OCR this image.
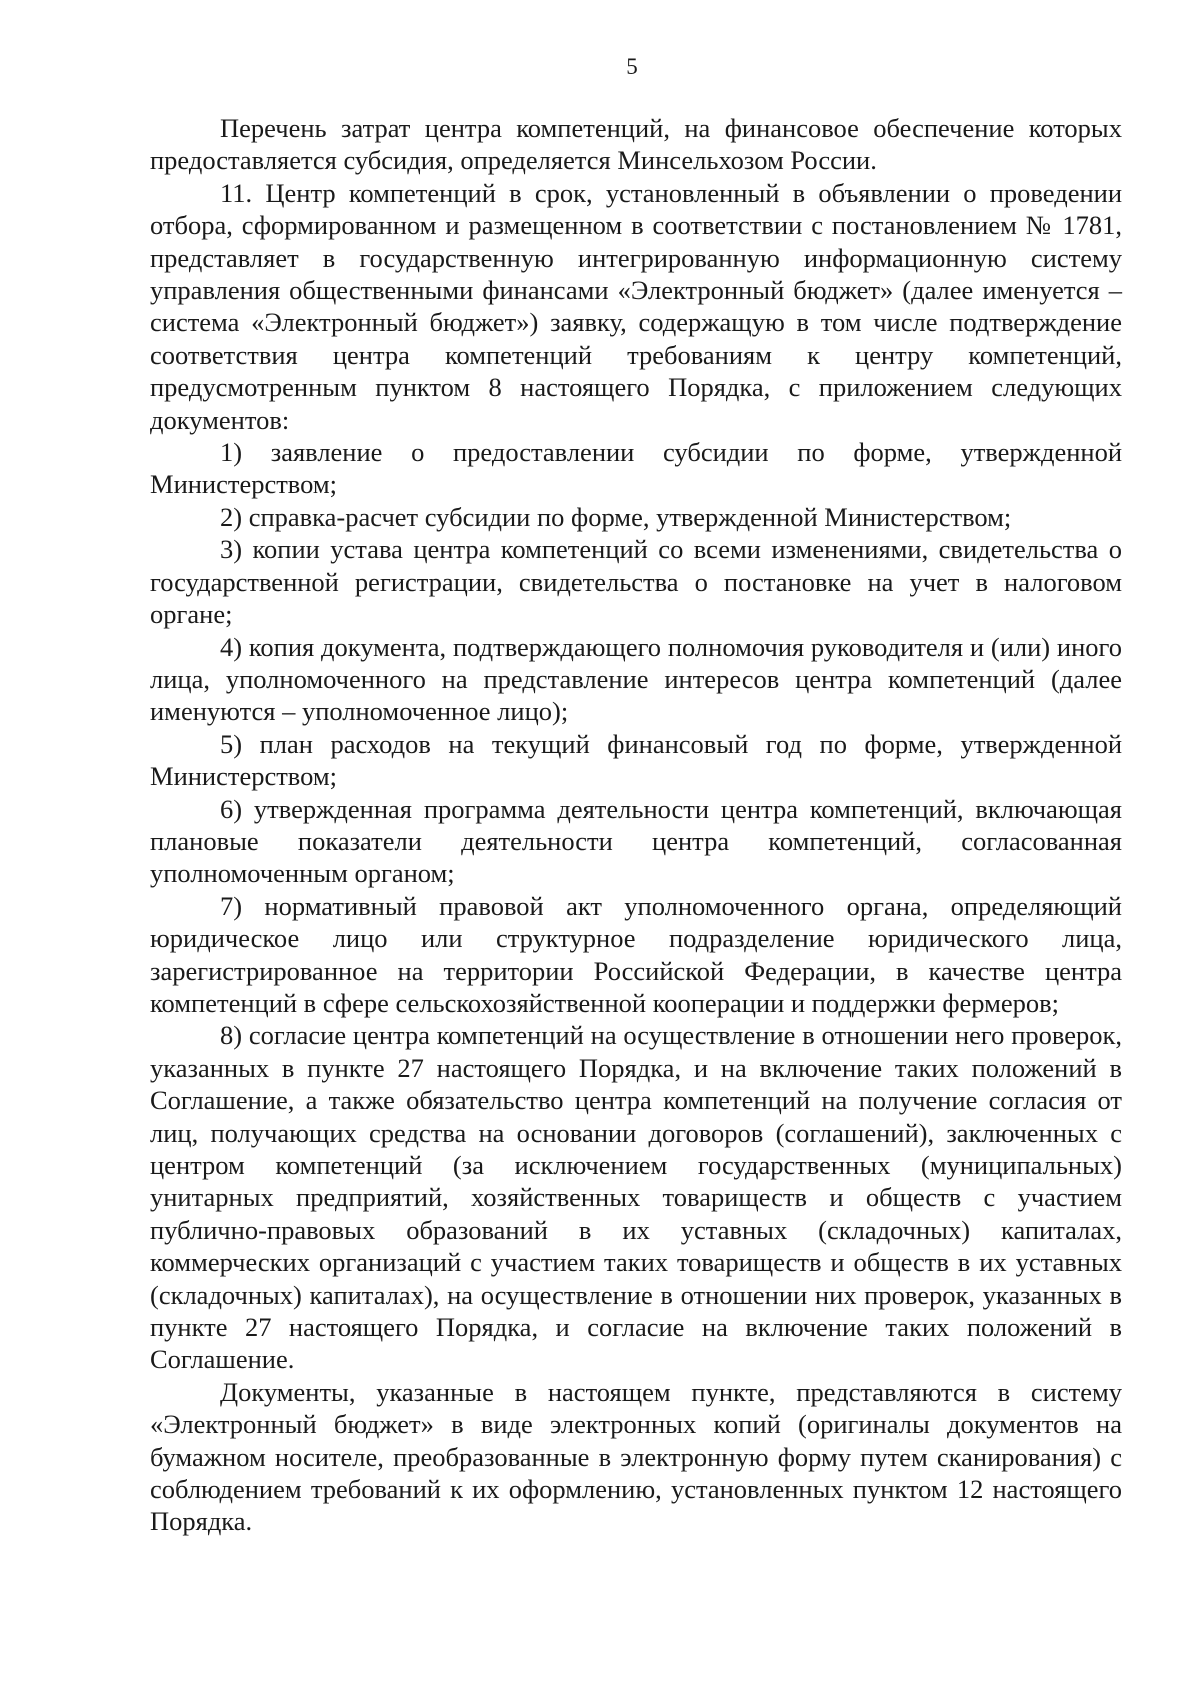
5

Перечень затрат центра компетенций, на финансовое обеспечение которых предоставляется субсидия, определяется Минсельхозом России.

11. Центр компетенций в срок, установленный в объявлении о проведении отбора, сформированном и размещенном в соответствии с постановлением № 1781, представляет в государственную интегрированную информационную систему управления общественными финансами «Электронный бюджет» (далее именуется – система «Электронный бюджет») заявку, содержащую в том числе подтверждение соответствия центра компетенций требованиям к центру компетенций, предусмотренным пунктом 8 настоящего Порядка, с приложением следующих документов:

1) заявление о предоставлении субсидии по форме, утвержденной Министерством;

2) справка-расчет субсидии по форме, утвержденной Министерством;

3) копии устава центра компетенций со всеми изменениями, свидетельства о государственной регистрации, свидетельства о постановке на учет в налоговом органе;

4) копия документа, подтверждающего полномочия руководителя и (или) иного лица, уполномоченного на представление интересов центра компетенций (далее именуются – уполномоченное лицо);

5) план расходов на текущий финансовый год по форме, утвержденной Министерством;

6) утвержденная программа деятельности центра компетенций, включающая плановые показатели деятельности центра компетенций, согласованная уполномоченным органом;

7) нормативный правовой акт уполномоченного органа, определяющий юридическое лицо или структурное подразделение юридического лица, зарегистрированное на территории Российской Федерации, в качестве центра компетенций в сфере сельскохозяйственной кооперации и поддержки фермеров;

8) согласие центра компетенций на осуществление в отношении него проверок, указанных в пункте 27 настоящего Порядка, и на включение таких положений в Соглашение, а также обязательство центра компетенций на получение согласия от лиц, получающих средства на основании договоров (соглашений), заключенных с центром компетенций (за исключением государственных (муниципальных) унитарных предприятий, хозяйственных товариществ и обществ с участием публично-правовых образований в их уставных (складочных) капиталах, коммерческих организаций с участием таких товариществ и обществ в их уставных (складочных) капиталах), на осуществление в отношении них проверок, указанных в пункте 27 настоящего Порядка, и согласие на включение таких положений в Соглашение.

Документы, указанные в настоящем пункте, представляются в систему «Электронный бюджет» в виде электронных копий (оригиналы документов на бумажном носителе, преобразованные в электронную форму путем сканирования) с соблюдением требований к их оформлению, установленных пунктом 12 настоящего Порядка.
